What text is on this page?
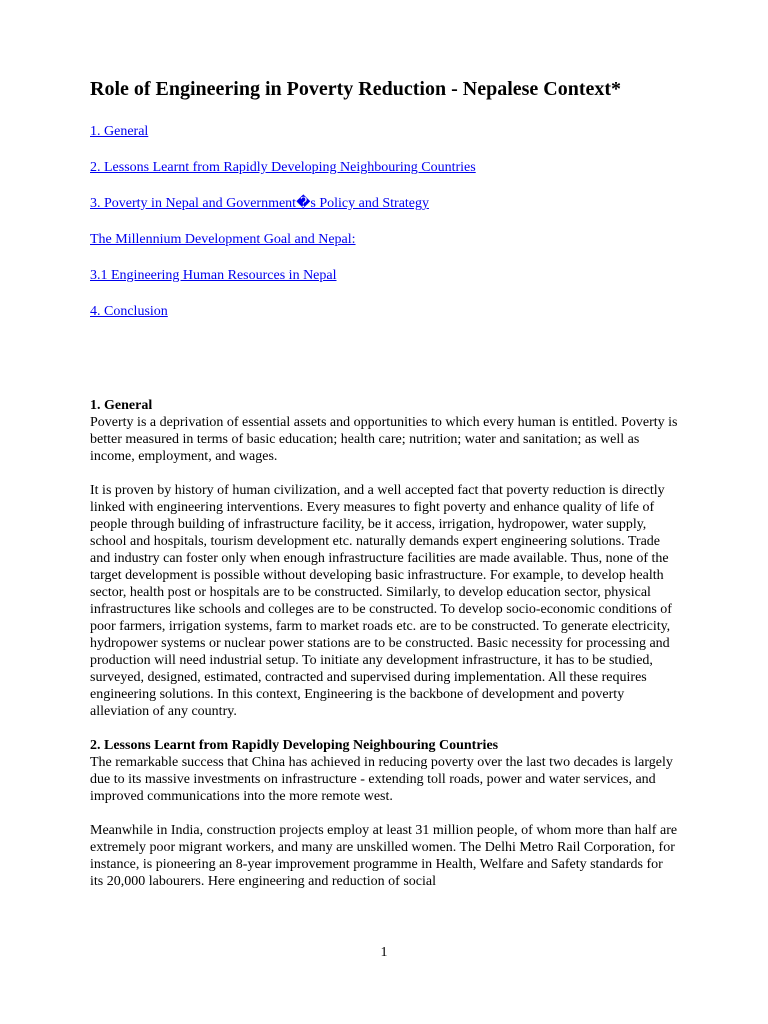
Role of Engineering in Poverty Reduction - Nepalese Context*
1. General
2. Lessons Learnt from Rapidly Developing Neighbouring Countries
3. Poverty in Nepal and Government�s Policy and Strategy
The Millennium Development Goal and Nepal:
3.1 Engineering Human Resources in Nepal
4. Conclusion

1. General

Poverty is a deprivation of essential assets and opportunities to which every human is entitled. Poverty is better measured in terms of basic education; health care; nutrition; water and sanitation; as well as income, employment, and wages.

It is proven by history of human civilization, and a well accepted fact that poverty reduction is directly linked with engineering interventions. Every measures to fight poverty and enhance quality of life of people through building of infrastructure facility, be it access, irrigation, hydropower, water supply, school and hospitals, tourism development etc. naturally demands expert engineering solutions. Trade and industry can foster only when enough infrastructure facilities are made available. Thus, none of the target development is possible without developing basic infrastructure. For example, to develop health sector, health post or hospitals are to be constructed. Similarly, to develop education sector, physical infrastructures like schools and colleges are to be constructed. To develop socio-economic conditions of poor farmers, irrigation systems, farm to market roads etc. are to be constructed. To generate electricity, hydropower systems or nuclear power stations are to be constructed. Basic necessity for processing and production will need industrial setup. To initiate any development infrastructure, it has to be studied, surveyed, designed, estimated, contracted and supervised during implementation. All these requires engineering solutions. In this context, Engineering is the backbone of development and poverty alleviation of any country.

2. Lessons Learnt from Rapidly Developing Neighbouring Countries

The remarkable success that China has achieved in reducing poverty over the last two decades is largely due to its massive investments on infrastructure - extending toll roads, power and water services, and improved communications into the more remote west.

Meanwhile in India, construction projects employ at least 31 million people, of whom more than half are extremely poor migrant workers, and many are unskilled women. The Delhi Metro Rail Corporation, for instance, is pioneering an 8-year improvement programme in Health, Welfare and Safety standards for its 20,000 labourers. Here engineering and reduction of social

1
